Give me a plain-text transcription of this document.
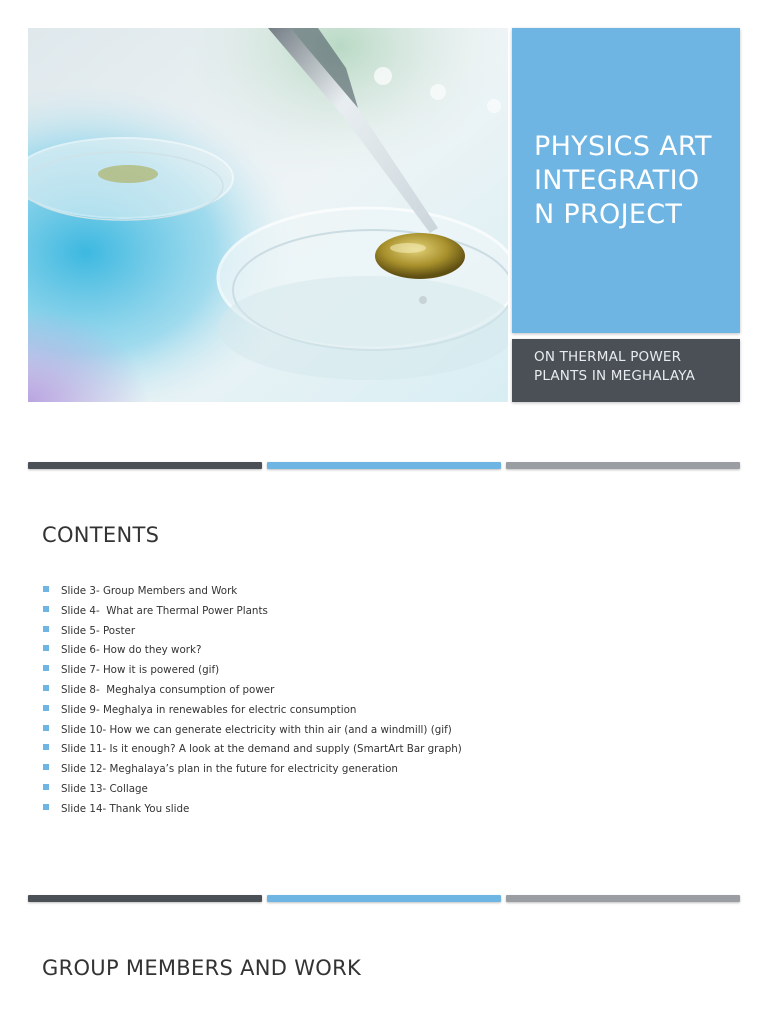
PHYSICS ART INTEGRATION PROJECT

ON THERMAL POWER PLANTS IN MEGHALAYA

CONTENTS
Slide 3- Group Members and Work
Slide 4-  What are Thermal Power Plants
Slide 5- Poster
Slide 6- How do they work?
Slide 7- How it is powered (gif)
Slide 8-  Meghalya consumption of power
Slide 9- Meghalya in renewables for electric consumption
Slide 10- How we can generate electricity with thin air (and a windmill) (gif)
Slide 11- Is it enough? A look at the demand and supply (SmartArt Bar graph)
Slide 12- Meghalaya’s plan in the future for electricity generation
Slide 13- Collage
Slide 14- Thank You slide
GROUP MEMBERS AND WORK
